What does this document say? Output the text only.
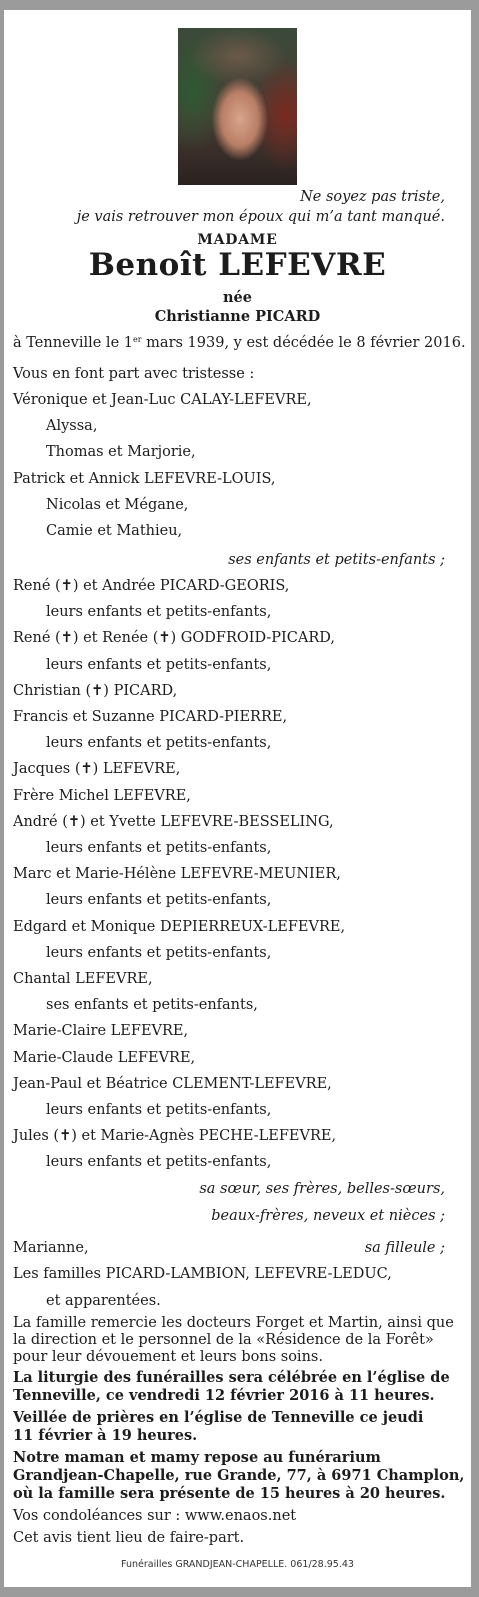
Ne soyez pas triste,
je vais retrouver mon époux qui m’a tant manqué.
MADAME
Benoît LEFEVRE
née
Christianne PICARD
à Tenneville le 1er mars 1939, y est décédée le 8 février 2016.
Vous en font part avec tristesse :
Véronique et Jean-Luc CALAY-LEFEVRE,
Alyssa,
Thomas et Marjorie,
Patrick et Annick LEFEVRE-LOUIS,
Nicolas et Mégane,
Camie et Mathieu,
ses enfants et petits-enfants ;
René (✝) et Andrée PICARD-GEORIS,
leurs enfants et petits-enfants,
René (✝) et Renée (✝) GODFROID-PICARD,
leurs enfants et petits-enfants,
Christian (✝) PICARD,
Francis et Suzanne PICARD-PIERRE,
leurs enfants et petits-enfants,
Jacques (✝) LEFEVRE,
Frère Michel LEFEVRE,
André (✝) et Yvette LEFEVRE-BESSELING,
leurs enfants et petits-enfants,
Marc et Marie-Hélène LEFEVRE-MEUNIER,
leurs enfants et petits-enfants,
Edgard et Monique DEPIERREUX-LEFEVRE,
leurs enfants et petits-enfants,
Chantal LEFEVRE,
ses enfants et petits-enfants,
Marie-Claire LEFEVRE,
Marie-Claude LEFEVRE,
Jean-Paul et Béatrice CLEMENT-LEFEVRE,
leurs enfants et petits-enfants,
Jules (✝) et Marie-Agnès PECHE-LEFEVRE,
leurs enfants et petits-enfants,
sa sœur, ses frères, belles-sœurs,
beaux-frères, neveux et nièces ;
Marianne,	sa filleule ;
Les familles PICARD-LAMBION, LEFEVRE-LEDUC,
et apparentées.
La famille remercie les docteurs Forget et Martin, ainsi que
la direction et le personnel de la «Résidence de la Forêt»
pour leur dévouement et leurs bons soins.
La liturgie des funérailles sera célébrée en l’église de
Tenneville, ce vendredi 12 février 2016 à 11 heures.
Veillée de prières en l’église de Tenneville ce jeudi
11 février à 19 heures.
Notre maman et mamy repose au funérarium
Grandjean-Chapelle, rue Grande, 77, à 6971 Champlon,
où la famille sera présente de 15 heures à 20 heures.
Vos condoléances sur : www.enaos.net
Cet avis tient lieu de faire-part.
Funérailles GRANDJEAN-CHAPELLE. 061/28.95.43
